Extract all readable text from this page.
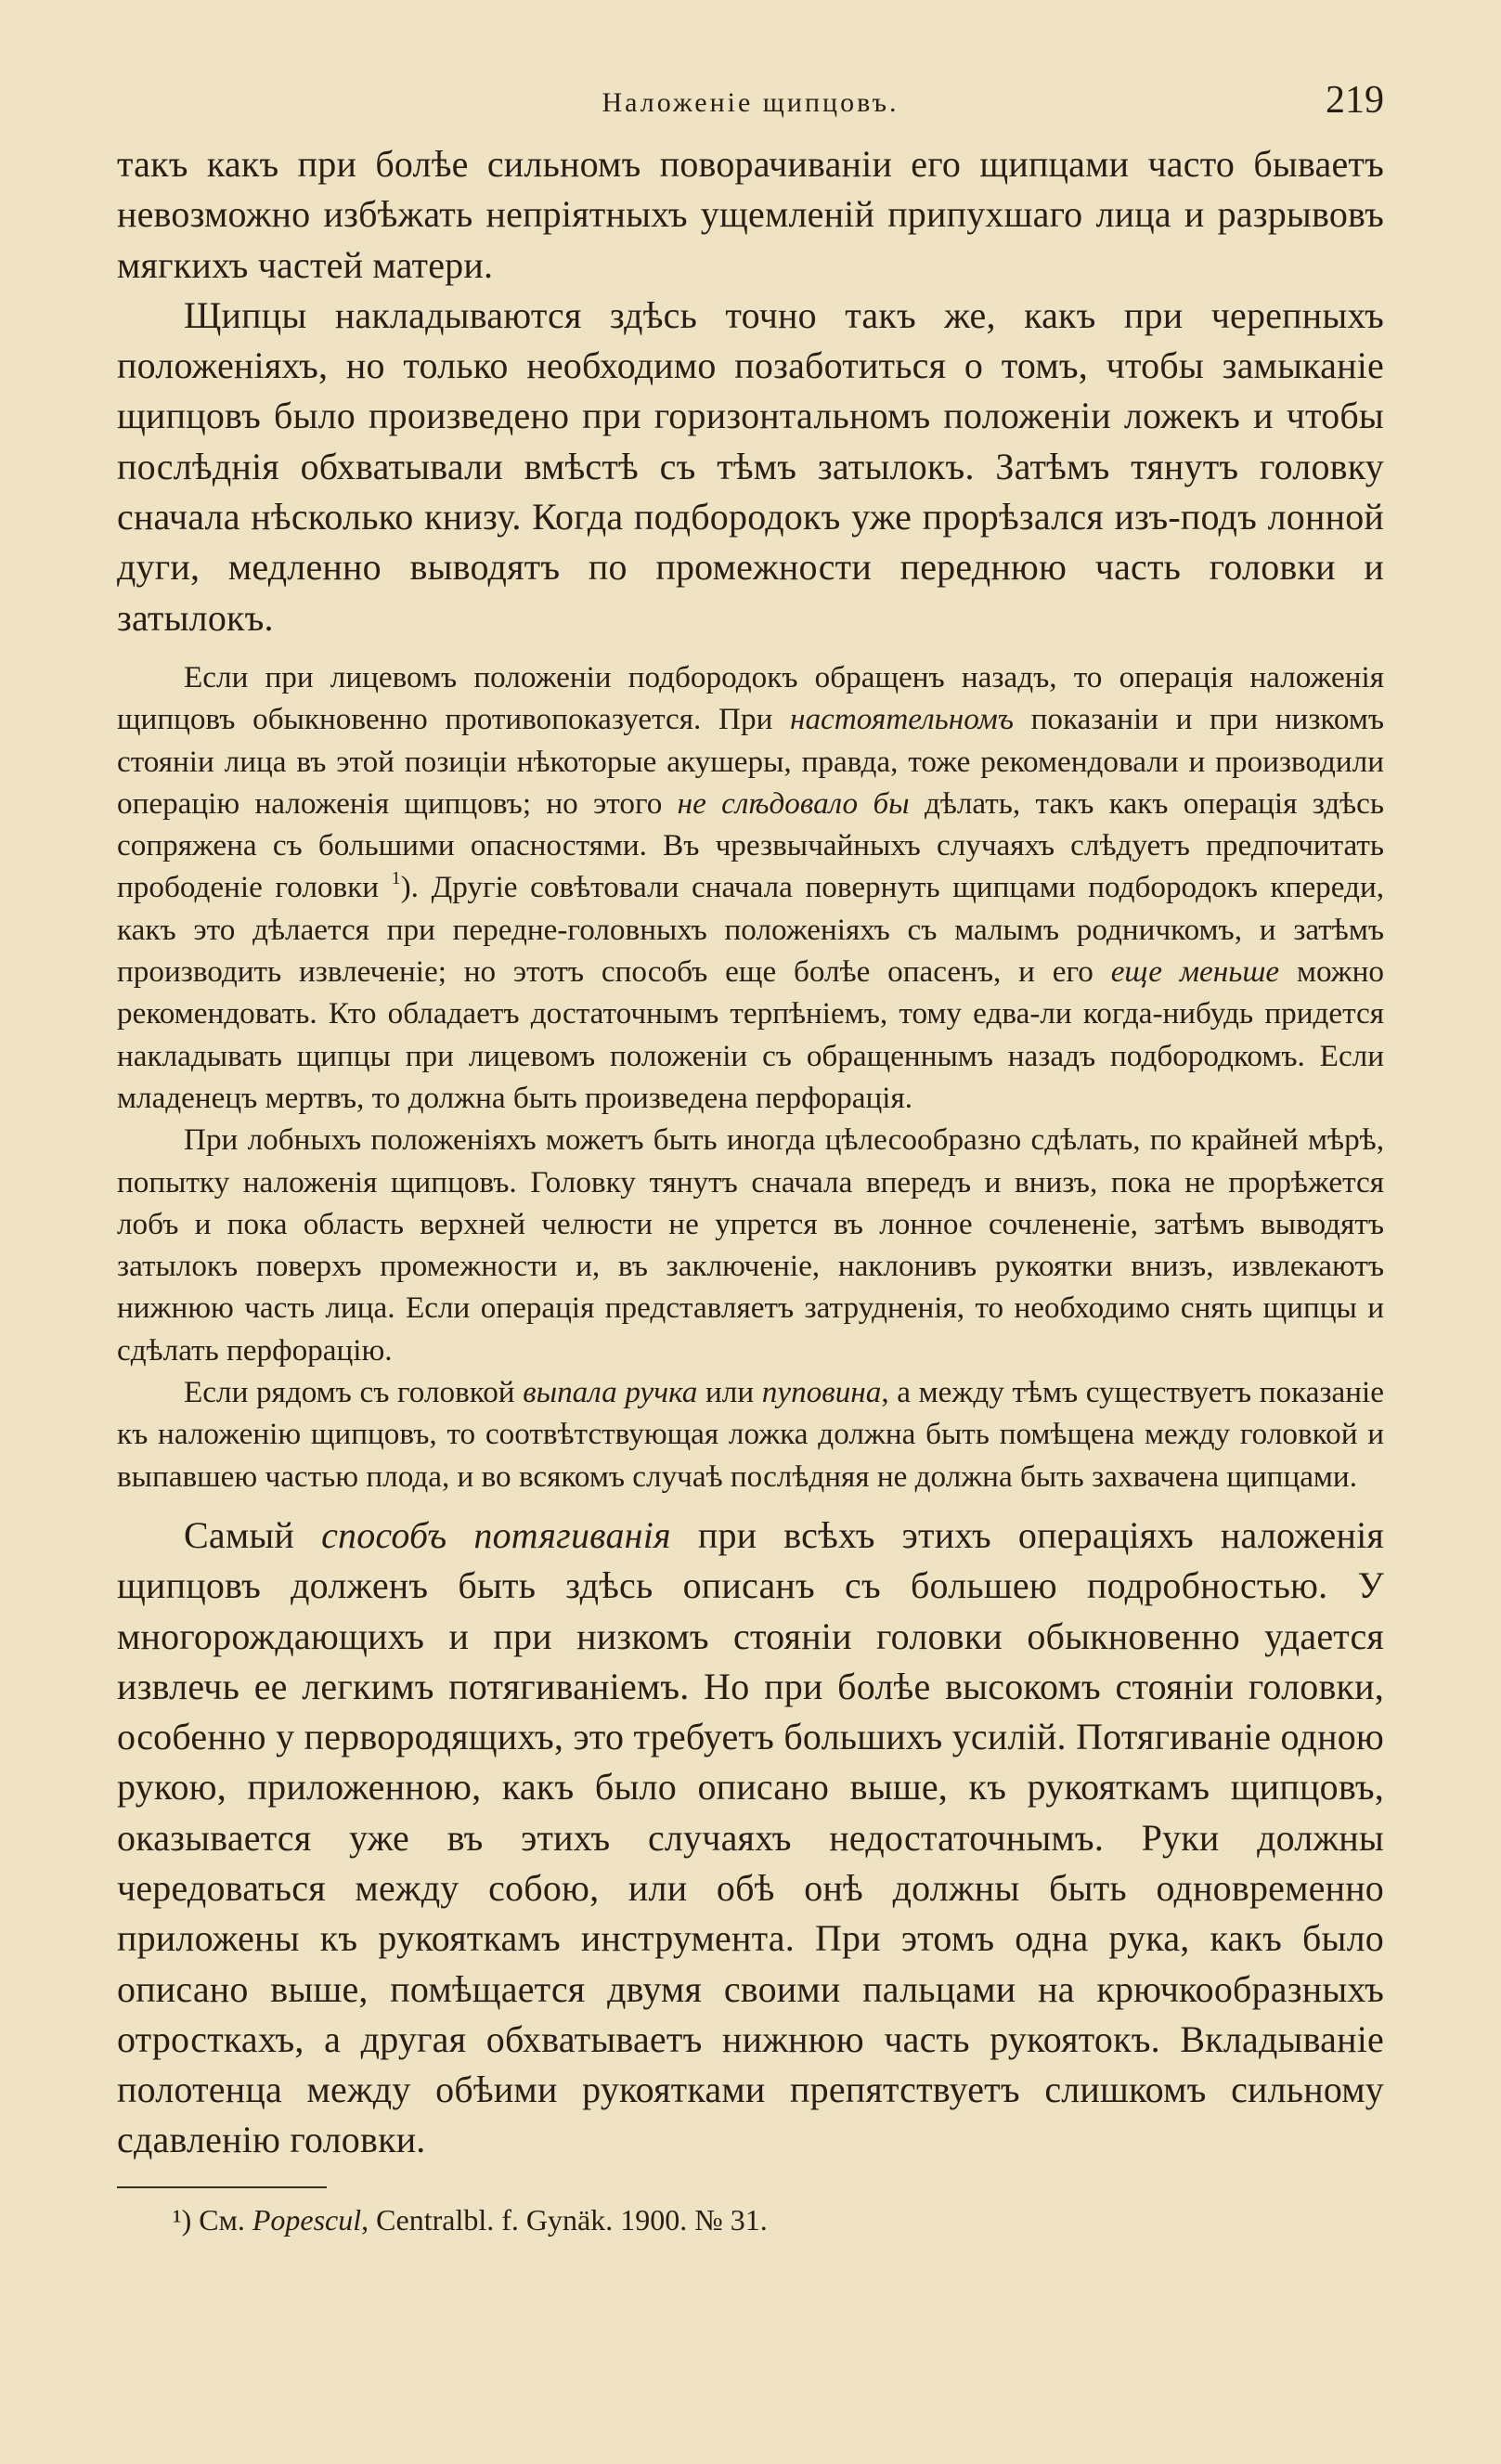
Наложеніе щипцовъ.	219

такъ какъ при болѣе сильномъ поворачиваніи его щипцами часто бываетъ невозможно избѣжать непріятныхъ ущемленій припухшаго лица и разрывовъ мягкихъ частей матери.

Щипцы накладываются здѣсь точно такъ же, какъ при черепныхъ положеніяхъ, но только необходимо позаботиться о томъ, чтобы замыканіе щипцовъ было произведено при горизонтальномъ положеніи ложекъ и чтобы послѣднія обхватывали вмѣстѣ съ тѣмъ затылокъ. Затѣмъ тянутъ головку сначала нѣсколько книзу. Когда подбородокъ уже прорѣзался изъ-подъ лонной дуги, медленно выводятъ по промежности переднюю часть головки и затылокъ.

Если при лицевомъ положеніи подбородокъ обращенъ назадъ, то операція наложенія щипцовъ обыкновенно противопоказуется. При настоятельномъ показаніи и при низкомъ стояніи лица въ этой позиціи нѣкоторые акушеры, правда, тоже рекомендовали и производили операцію наложенія щипцовъ; но этого не слѣдовало бы дѣлать, такъ какъ операція здѣсь сопряжена съ большими опасностями. Въ чрезвычайныхъ случаяхъ слѣдуетъ предпочитать прободеніе головки $^1$). Другіе совѣтовали сначала повернуть щипцами подбородокъ кпереди, какъ это дѣлается при передне-головныхъ положеніяхъ съ малымъ родничкомъ, и затѣмъ производить извлеченіе; но этотъ способъ еще болѣе опасенъ, и его еще меньше можно рекомендовать. Кто обладаетъ достаточнымъ терпѣніемъ, тому едва-ли когда-нибудь придется накладывать щипцы при лицевомъ положеніи съ обращеннымъ назадъ подбородкомъ. Если младенецъ мертвъ, то должна быть произведена перфорація.

При лобныхъ положеніяхъ можетъ быть иногда цѣлесообразно сдѣлать, по крайней мѣрѣ, попытку наложенія щипцовъ. Головку тянутъ сначала впередъ и внизъ, пока не прорѣжется лобъ и пока область верхней челюсти не упрется въ лонное сочлененіе, затѣмъ выводятъ затылокъ поверхъ промежности и, въ заключеніе, наклонивъ рукоятки внизъ, извлекаютъ нижнюю часть лица. Если операція представляетъ затрудненія, то необходимо снять щипцы и сдѣлать перфорацію.

Если рядомъ съ головкой выпала ручка или пуповина, а между тѣмъ существуетъ показаніе къ наложенію щипцовъ, то соотвѣтствующая ложка должна быть помѣщена между головкой и выпавшею частью плода, и во всякомъ случаѣ послѣдняя не должна быть захвачена щипцами.

Самый способъ потягиванія при всѣхъ этихъ операціяхъ наложенія щипцовъ долженъ быть здѣсь описанъ съ большею подробностью. У многорождающихъ и при низкомъ стояніи головки обыкновенно удается извлечь ее легкимъ потягиваніемъ. Но при болѣе высокомъ стояніи головки, особенно у первородящихъ, это требуетъ большихъ усилій. Потягиваніе одною рукою, приложенною, какъ было описано выше, къ рукояткамъ щипцовъ, оказывается уже въ этихъ случаяхъ недостаточнымъ. Руки должны чередоваться между собою, или обѣ онѣ должны быть одновременно приложены къ рукояткамъ инструмента. При этомъ одна рука, какъ было описано выше, помѣщается двумя своими пальцами на крючкообразныхъ отросткахъ, а другая обхватываетъ нижнюю часть рукоятокъ. Вкладываніе полотенца между обѣими рукоятками препятствуетъ слишкомъ сильному сдавленію головки.

¹) См. Popescul, Centralbl. f. Gynäk. 1900. № 31.
